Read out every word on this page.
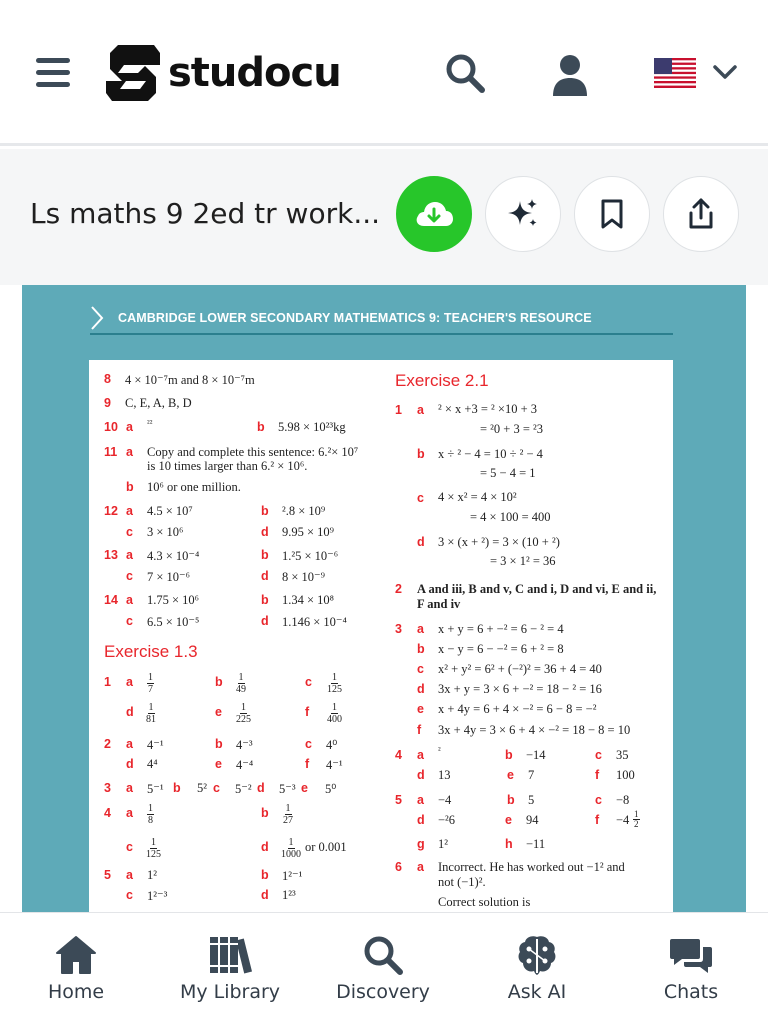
studocu
Ls maths 9 2ed tr work...
CAMBRIDGE LOWER SECONDARY MATHEMATICS 9: TEACHER'S RESOURCE
8 4 × 10⁻⁷m and 8 × 10⁻⁷m
9 C, E, A, B, D
10 a ²²	b 5.98 × 10²³kg
11 a Copy and complete this sentence: 6.²× 10⁷
is 10 times larger than 6.² × 10⁶.
b 10⁶ or one million.
12 a 4.5 × 10⁷	b ².8 × 10⁹
c 3 × 10⁶	d 9.95 × 10⁹
13 a 4.3 × 10⁻⁴	b 1.²5 × 10⁻⁶
c 7 × 10⁻⁶	d 8 × 10⁻⁹
14 a 1.75 × 10⁶	b 1.34 × 10⁸
c 6.5 × 10⁻⁵	d 1.146 × 10⁻⁴
Exercise 1.3
1 a $\frac{1}{7}$	b $\frac{1}{49}$	c $\frac{1}{125}$
d $\frac{1}{81}$	e $\frac{1}{225}$	f $\frac{1}{400}$
2 a 4⁻¹	b 4⁻³	c 4⁰
d 4⁴	e 4⁻⁴	f 4⁻¹
3 a 5⁻¹ b 5² c 5⁻² d 5⁻³ e 5⁰
4 a $\frac{1}{8}$	b $\frac{1}{27}$
c $\frac{1}{125}$	d $\frac{1}{1000}$ or 0.001
5 a 1²	b 1²⁻¹
c 1²⁻³	d 1²³
Exercise 2.1
1 a ² × x +3 = ² ×10 + 3
= ²0 + 3 = ²3
b x ÷ ² − 4 = 10 ÷ ² − 4
= 5 − 4 = 1
c 4 × x² = 4 × 10²
= 4 × 100 = 400
d 3 × (x + ²) = 3 × (10 + ²)
= 3 × 1² = 36
2 A and iii, B and v, C and i, D and vi, E and ii,
F and iv
3 a x + y = 6 + −² = 6 − ² = 4
b x − y = 6 − −² = 6 + ² = 8
c x² + y² = 6² + (−²)² = 36 + 4 = 40
d 3x + y = 3 × 6 + −² = 18 − ² = 16
e x + 4y = 6 + 4 × −² = 6 − 8 = −²
f 3x + 4y = 3 × 6 + 4 × −² = 18 − 8 = 10
4 a ²	b −14	c 35
d 13	e 7	f 100
5 a −4	b 5	c −8
d −²6	e 94	$f -4 \frac{1}{2}$
g 1²	h −11
6 a Incorrect. He has worked out −1² and
not (−1)².
Correct solution is
Home	My Library	Discovery	Ask AI	Chats
